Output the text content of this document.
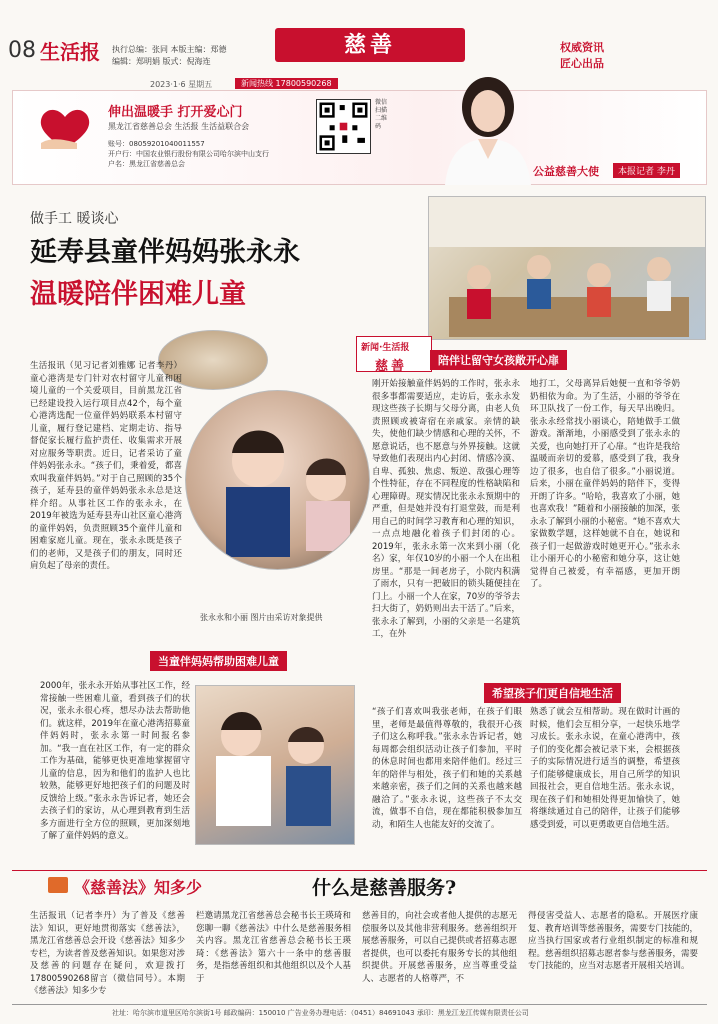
08 生活报 执行总编：张同 本版主编：郑德
编辑：郑明娟 版式：倪海连
慈善	权威资讯
匠心出品
2023·1·6 星期五	新闻热线 17800590268
伸出温暖手 打开爱心门
黑龙江省慈善总会 生活报 生活益联合会
账号：08059201040011557
开户行：中国农业银行股份有限公司哈尔滨中山支行
户名：黑龙江省慈善总会
微信扫描二维码
公益慈善大使	本报记者 李丹
做手工 暖谈心
延寿县童伴妈妈张永永
温暖陪伴困难儿童
新闻·生活报
慈善	陪伴让留守女孩敞开心扉
当童伴妈妈帮助困难儿童
希望孩子们更自信地生活
生活报讯（见习记者刘雅娜 记者李丹）童心港湾是专门针对农村留守儿童和困境儿童的一个关爱项目，目前黑龙江省已经建设投入运行项目点42个，每个童心港湾选配一位童伴妈妈联系本村留守儿童，履行登记建档、定期走访、指导督促家长履行监护责任、收集需求开展对应服务等职责。近日，记者采访了童伴妈妈张永永。“孩子们，秉着爱，都喜欢叫我童伴妈妈。”对于自己照顾的35个孩子，延寿县的童伴妈妈张永永总是这样介绍。从事社区工作的张永永，在2019年被选为延寿县寿山社区童心港湾的童伴妈妈，负责照顾35个童伴儿童和困难家庭儿童。现在，张永永既是孩子们的老师，又是孩子们的朋友，同时还肩负起了母亲的责任。
刚开始接触童伴妈妈的工作时，张永永很多事都需要适应，走访后，张永永发现这些孩子长期与父母分离，由老人负责照顾或被寄宿在亲戚家。亲情的缺失，使他们缺少情感和心理的关怀，不愿意说话，也不愿意与外界接触。这就导致他们表现出内心封闭、情感冷漠、自卑、孤独、焦虑、叛逆、敌强心理等个性特征，存在不同程度的性格缺陷和心理障碍。现实情况比张永永预期中的严重，但是她并没有打退堂鼓，而是利用自己的时间学习教育和心理的知识，一点点地融化着孩子们封闭的心。2019年，张永永第一次来到小丽（化名）家，年仅10岁的小丽一个人在出租房里。“那是一间老房子，小院内积满了雨水，只有一把破旧的锁头随便挂在门上。小丽一个人在家，70岁的爷爷去扫大街了，奶奶则出去干活了。”后来，张永永了解到，小丽的父亲是一名建筑工，在外
地打工，父母离异后她便一直和爷爷奶奶相依为命。为了生活，小丽的爷爷在环卫队找了一份工作，每天早出晚归。张永永经常找小丽谈心，陪她做手工做游戏。渐渐地，小丽感受到了张永永的关爱，也向她打开了心扉。“也许是我给温暖而亲切的爱慕，感受到了我，我身边了很多，也自信了很多。”小丽说道。后来，小丽在童伴妈妈的陪伴下，变得开朗了许多。“哈哈，我喜欢了小丽，她也喜欢我！”随着和小丽接触的加深，张永永了解到小丽的小秘密。“她不喜欢大家做数学题，这样她就不自在，她说和孩子们一起做游戏时她更开心。”张永永让小丽开心的小秘密和她分享，这让她觉得自己被爱，有幸福感，更加开朗了。
张永永和小丽 图片由采访对象提供
2000年，张永永开始从事社区工作，经常接触一些困难儿童，看到孩子们的状况，张永永很心疼，想尽办法去帮助他们。就这样，2019年在童心港湾招募童伴妈妈时，张永永第一时间报名参加。“我一直在社区工作，有一定的群众工作为基础，能够更快更准地掌握留守儿童的信息，因为和他们的监护人也比较熟，能够更好地把孩子们的问题及时反馈给上级。”张永永告诉记者，她还会去孩子们的家访，从心理到教育到生活多方面进行全方位的照顾，更加深刻地了解了童伴妈妈的意义。
“孩子们喜欢叫我张老师，在孩子们眼里，老师是最值得尊敬的，我很开心孩子们这么称呼我。”张永永告诉记者，她每周都会组织活动让孩子们参加，平时的休息时间也都用来陪伴他们。经过三年的陪伴与相处，孩子们和她的关系越来越亲密，孩子们之间的关系也越来越融洽了。”张永永说，这些孩子不太交流，做事不自信，现在都能积极参加互动，和陌生人也能友好的交流了。
熟悉了就会互相帮助。现在做时计画的时候，他们会互相分享，一起快乐地学习成长。张永永说，在童心港湾中，孩子们的变化都会被记录下来，会根据孩子的实际情况进行适当的调整，希望孩子们能够健康成长，用自己所学的知识回报社会，更自信地生活。张永永说，现在孩子们和她相处得更加愉快了，她将继续通过自己的陪伴，让孩子们能够感受到爱，可以更勇敢更自信地生活。
《慈善法》知多少	什么是慈善服务?
生活报讯（记者李丹）为了普及《慈善法》知识，更好地贯彻落实《慈善法》，黑龙江省慈善总会开设《慈善法》知多少专栏，为读者普及慈善知识。如果您对涉及慈善的问题存在疑问，欢迎拨打17800590268留言（微信同号）。本期《慈善法》知多少专
栏邀请黑龙江省慈善总会秘书长王瑛琦和您聊一聊《慈善法》中什么是慈善服务相关内容。黑龙江省慈善总会秘书长王瑛琦：《慈善法》第六十一条中的慈善服务，是指慈善组织和其他组织以及个人基于
慈善目的，向社会或者他人提供的志愿无偿服务以及其他非营利服务。慈善组织开展慈善服务，可以自己提供或者招募志愿者提供，也可以委托有服务专长的其他组织提供。开展慈善服务，应当尊重受益人、志愿者的人格尊严，不
得侵害受益人、志愿者的隐私。开展医疗康复、教育培训等慈善服务，需要专门技能的，应当执行国家或者行业组织制定的标准和规程。慈善组织招募志愿者参与慈善服务，需要专门技能的，应当对志愿者开展相关培训。
社址：哈尔滨市道里区哈尔滨街1号 邮政编码：150010 广告业务办理电话：（0451）84691043 承印：黑龙江龙江传媒有限责任公司
